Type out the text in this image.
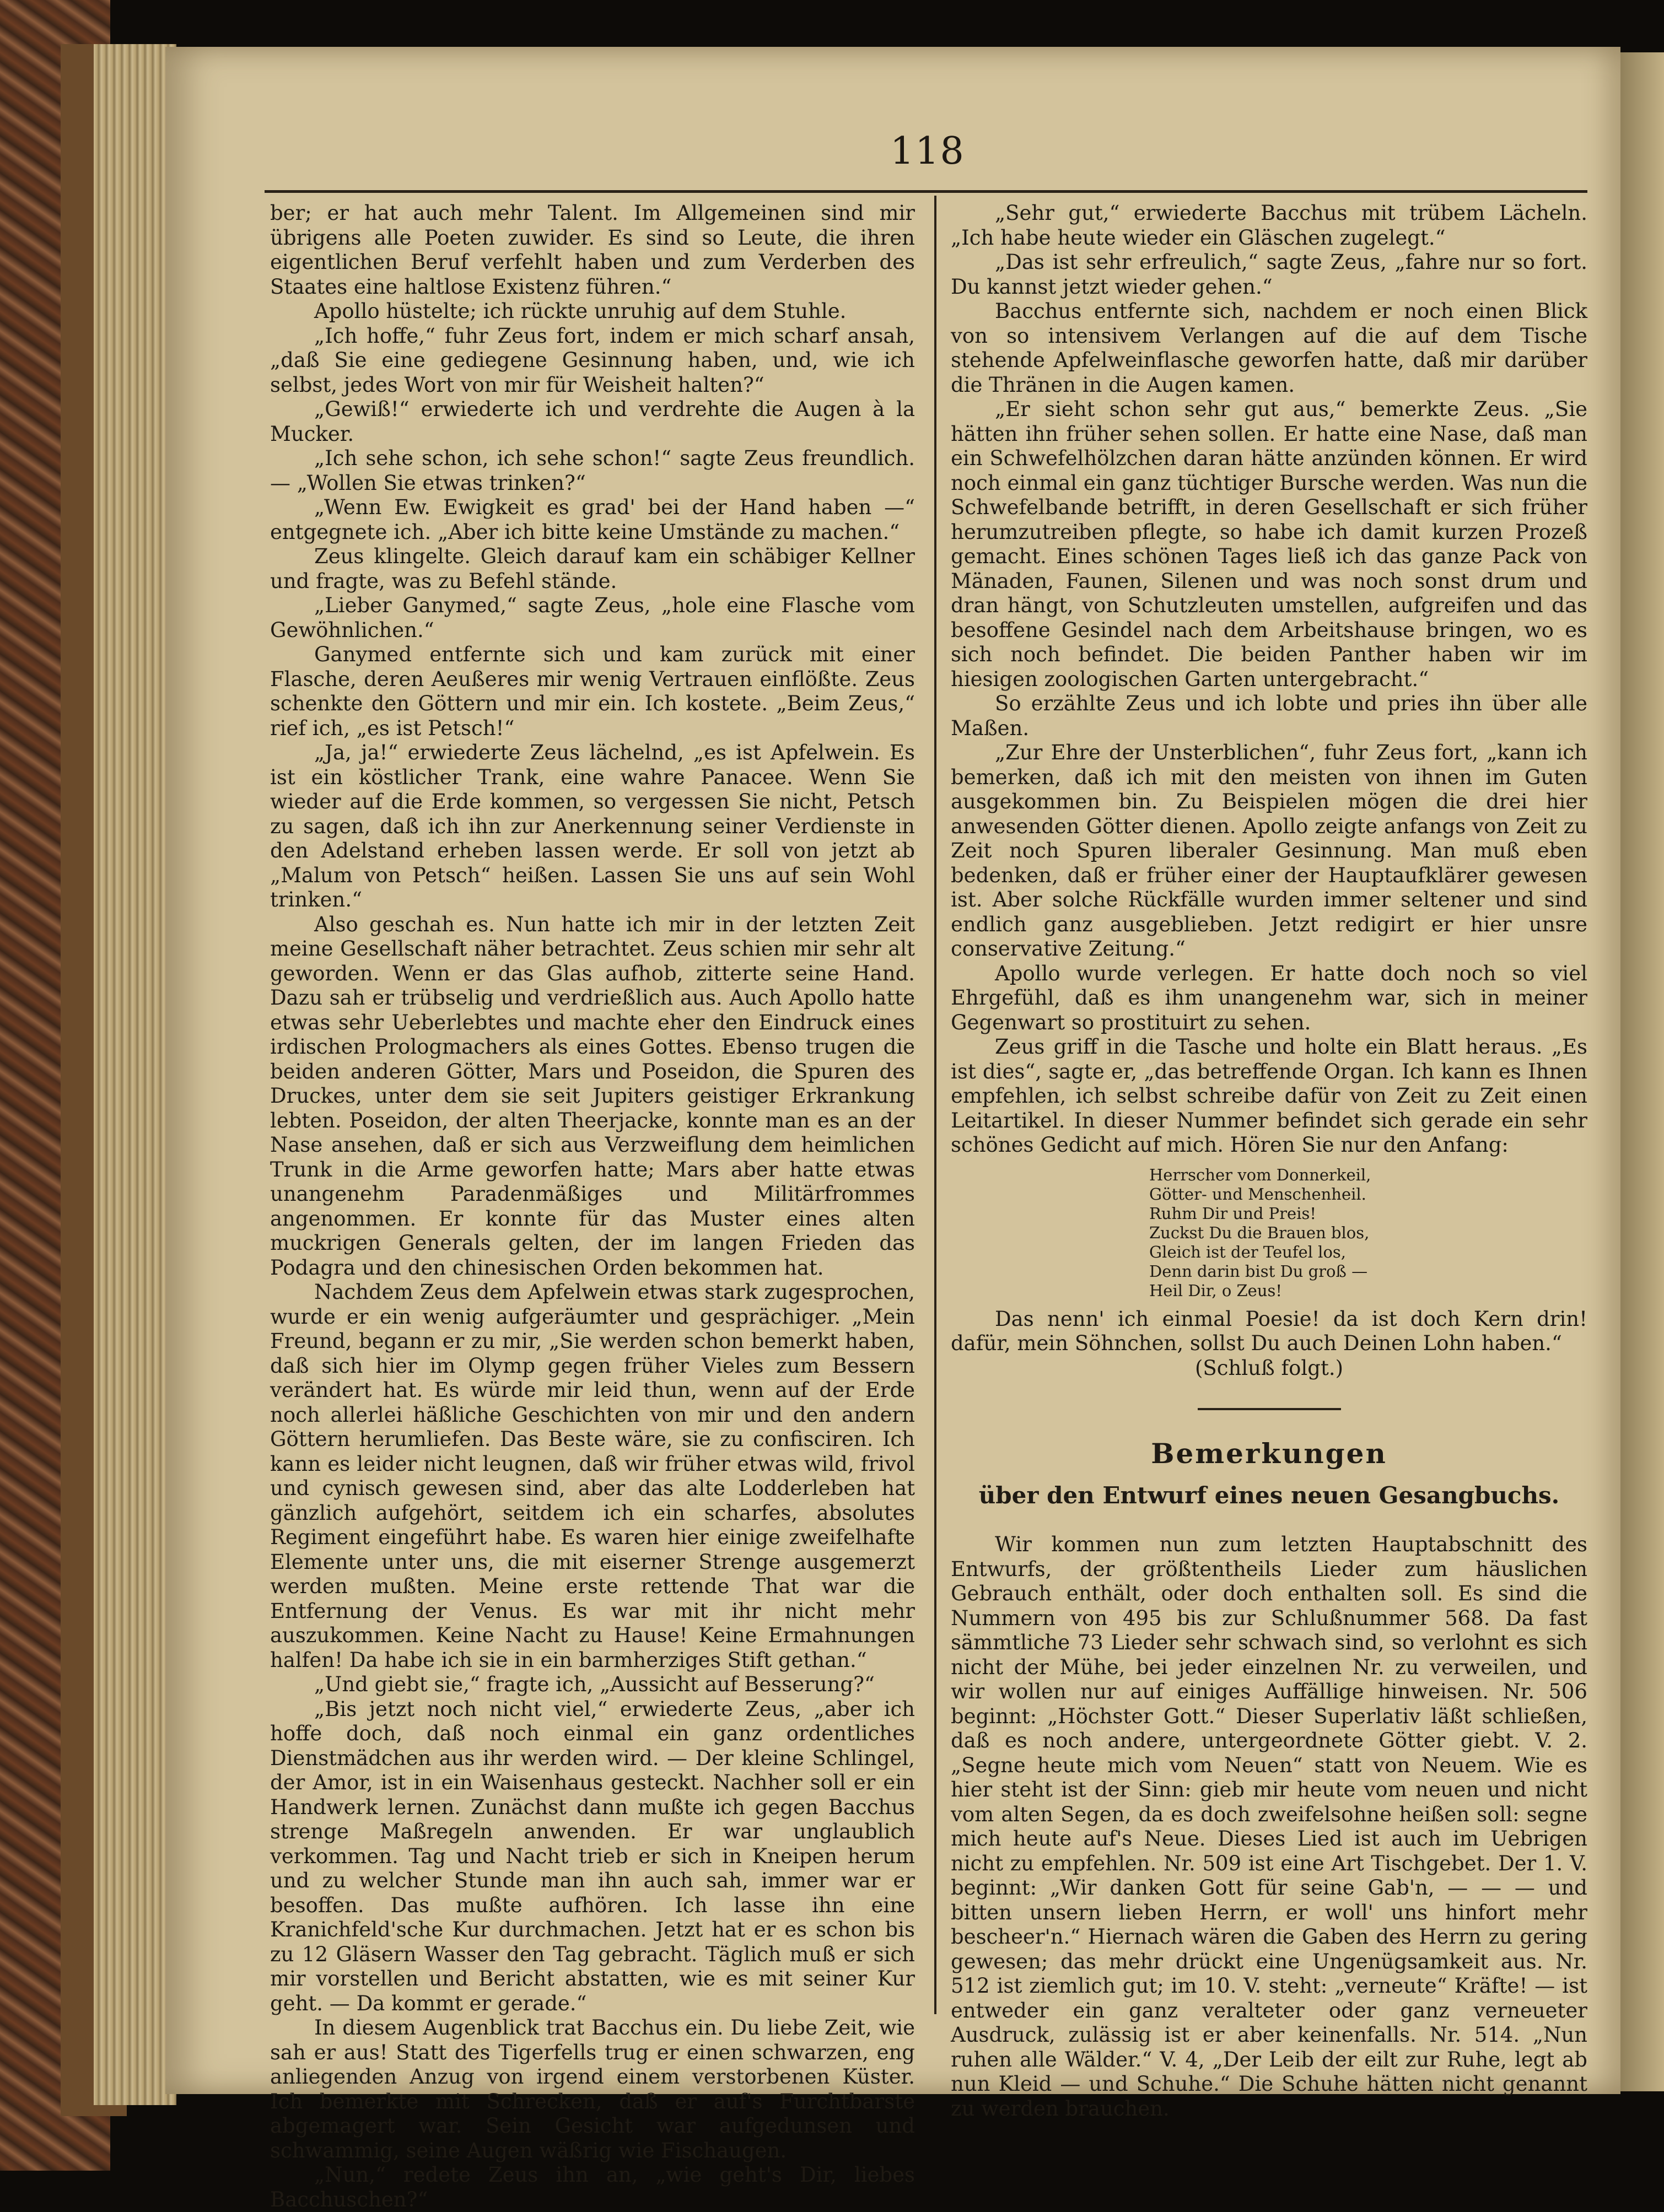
118

ber; er hat auch mehr Talent. Im Allgemeinen sind mir übrigens alle Poeten zuwider. Es sind so Leute, die ihren eigentlichen Beruf verfehlt haben und zum Verderben des Staates eine haltlose Existenz führen.“

Apollo hüstelte; ich rückte unruhig auf dem Stuhle.

„Ich hoffe,“ fuhr Zeus fort, indem er mich scharf ansah, „daß Sie eine gediegene Gesinnung haben, und, wie ich selbst, jedes Wort von mir für Weisheit halten?“

„Gewiß!“ erwiederte ich und verdrehte die Augen à la Mucker.

„Ich sehe schon, ich sehe schon!“ sagte Zeus freundlich. — „Wollen Sie etwas trinken?“

„Wenn Ew. Ewigkeit es grad' bei der Hand haben —“ entgegnete ich. „Aber ich bitte keine Umstände zu machen.“

Zeus klingelte. Gleich darauf kam ein schäbiger Kellner und fragte, was zu Befehl stände.

„Lieber Ganymed,“ sagte Zeus, „hole eine Flasche vom Gewöhnlichen.“

Ganymed entfernte sich und kam zurück mit einer Flasche, deren Aeußeres mir wenig Vertrauen einflößte. Zeus schenkte den Göttern und mir ein. Ich kostete. „Beim Zeus,“ rief ich, „es ist Petsch!“

„Ja, ja!“ erwiederte Zeus lächelnd, „es ist Apfelwein. Es ist ein köstlicher Trank, eine wahre Panacee. Wenn Sie wieder auf die Erde kommen, so vergessen Sie nicht, Petsch zu sagen, daß ich ihn zur Anerkennung seiner Verdienste in den Adelstand erheben lassen werde. Er soll von jetzt ab „Malum von Petsch“ heißen. Lassen Sie uns auf sein Wohl trinken.“

Also geschah es. Nun hatte ich mir in der letzten Zeit meine Gesellschaft näher betrachtet. Zeus schien mir sehr alt geworden. Wenn er das Glas aufhob, zitterte seine Hand. Dazu sah er trübselig und verdrießlich aus. Auch Apollo hatte etwas sehr Ueberlebtes und machte eher den Eindruck eines irdischen Prologmachers als eines Gottes. Ebenso trugen die beiden anderen Götter, Mars und Poseidon, die Spuren des Druckes, unter dem sie seit Jupiters geistiger Erkrankung lebten. Poseidon, der alten Theerjacke, konnte man es an der Nase ansehen, daß er sich aus Verzweiflung dem heimlichen Trunk in die Arme geworfen hatte; Mars aber hatte etwas unangenehm Paradenmäßiges und Militärfrommes angenommen. Er konnte für das Muster eines alten muckrigen Generals gelten, der im langen Frieden das Podagra und den chinesischen Orden bekommen hat.

Nachdem Zeus dem Apfelwein etwas stark zugesprochen, wurde er ein wenig aufgeräumter und gesprächiger. „Mein Freund, begann er zu mir, „Sie werden schon bemerkt haben, daß sich hier im Olymp gegen früher Vieles zum Bessern verändert hat. Es würde mir leid thun, wenn auf der Erde noch allerlei häßliche Geschichten von mir und den andern Göttern herumliefen. Das Beste wäre, sie zu confisciren. Ich kann es leider nicht leugnen, daß wir früher etwas wild, frivol und cynisch gewesen sind, aber das alte Lodderleben hat gänzlich aufgehört, seitdem ich ein scharfes, absolutes Regiment eingeführt habe. Es waren hier einige zweifelhafte Elemente unter uns, die mit eiserner Strenge ausgemerzt werden mußten. Meine erste rettende That war die Entfernung der Venus. Es war mit ihr nicht mehr auszukommen. Keine Nacht zu Hause! Keine Ermahnungen halfen! Da habe ich sie in ein barmherziges Stift gethan.“

„Und giebt sie,“ fragte ich, „Aussicht auf Besserung?“

„Bis jetzt noch nicht viel,“ erwiederte Zeus, „aber ich hoffe doch, daß noch einmal ein ganz ordentliches Dienstmädchen aus ihr werden wird. — Der kleine Schlingel, der Amor, ist in ein Waisenhaus gesteckt. Nachher soll er ein Handwerk lernen. Zunächst dann mußte ich gegen Bacchus strenge Maßregeln anwenden. Er war unglaublich verkommen. Tag und Nacht trieb er sich in Kneipen herum und zu welcher Stunde man ihn auch sah, immer war er besoffen. Das mußte aufhören. Ich lasse ihn eine Kranichfeld'sche Kur durchmachen. Jetzt hat er es schon bis zu 12 Gläsern Wasser den Tag gebracht. Täglich muß er sich mir vorstellen und Bericht abstatten, wie es mit seiner Kur geht. — Da kommt er gerade.“

In diesem Augenblick trat Bacchus ein. Du liebe Zeit, wie sah er aus! Statt des Tigerfells trug er einen schwarzen, eng anliegenden Anzug von irgend einem verstorbenen Küster. Ich bemerkte mit Schrecken, daß er auf's Furchtbarste abgemagert war. Sein Gesicht war aufgedunsen und schwammig, seine Augen wäßrig wie Fischaugen.

„Nun,“ redete Zeus ihn an, „wie geht's Dir, liebes Bacchuschen?“

„Sehr gut,“ erwiederte Bacchus mit trübem Lächeln. „Ich habe heute wieder ein Gläschen zugelegt.“

„Das ist sehr erfreulich,“ sagte Zeus, „fahre nur so fort. Du kannst jetzt wieder gehen.“

Bacchus entfernte sich, nachdem er noch einen Blick von so intensivem Verlangen auf die auf dem Tische stehende Apfelweinflasche geworfen hatte, daß mir darüber die Thränen in die Augen kamen.

„Er sieht schon sehr gut aus,“ bemerkte Zeus. „Sie hätten ihn früher sehen sollen. Er hatte eine Nase, daß man ein Schwefelhölzchen daran hätte anzünden können. Er wird noch einmal ein ganz tüchtiger Bursche werden. Was nun die Schwefelbande betrifft, in deren Gesellschaft er sich früher herumzutreiben pflegte, so habe ich damit kurzen Prozeß gemacht. Eines schönen Tages ließ ich das ganze Pack von Mänaden, Faunen, Silenen und was noch sonst drum und dran hängt, von Schutzleuten umstellen, aufgreifen und das besoffene Gesindel nach dem Arbeitshause bringen, wo es sich noch befindet. Die beiden Panther haben wir im hiesigen zoologischen Garten untergebracht.“

So erzählte Zeus und ich lobte und pries ihn über alle Maßen.

„Zur Ehre der Unsterblichen“, fuhr Zeus fort, „kann ich bemerken, daß ich mit den meisten von ihnen im Guten ausgekommen bin. Zu Beispielen mögen die drei hier anwesenden Götter dienen. Apollo zeigte anfangs von Zeit zu Zeit noch Spuren liberaler Gesinnung. Man muß eben bedenken, daß er früher einer der Hauptaufklärer gewesen ist. Aber solche Rückfälle wurden immer seltener und sind endlich ganz ausgeblieben. Jetzt redigirt er hier unsre conservative Zeitung.“

Apollo wurde verlegen. Er hatte doch noch so viel Ehrgefühl, daß es ihm unangenehm war, sich in meiner Gegenwart so prostituirt zu sehen.

Zeus griff in die Tasche und holte ein Blatt heraus. „Es ist dies“, sagte er, „das betreffende Organ. Ich kann es Ihnen empfehlen, ich selbst schreibe dafür von Zeit zu Zeit einen Leitartikel. In dieser Nummer befindet sich gerade ein sehr schönes Gedicht auf mich. Hören Sie nur den Anfang:

Herrscher vom Donnerkeil,
Götter- und Menschenheil.
Ruhm Dir und Preis!
Zuckst Du die Brauen blos,
Gleich ist der Teufel los,
Denn darin bist Du groß —
Heil Dir, o Zeus!

Das nenn' ich einmal Poesie! da ist doch Kern drin! dafür, mein Söhnchen, sollst Du auch Deinen Lohn haben.“

(Schluß folgt.)

Bemerkungen
über den Entwurf eines neuen Gesangbuchs.

Wir kommen nun zum letzten Hauptabschnitt des Entwurfs, der größtentheils Lieder zum häuslichen Gebrauch enthält, oder doch enthalten soll. Es sind die Nummern von 495 bis zur Schlußnummer 568. Da fast sämmtliche 73 Lieder sehr schwach sind, so verlohnt es sich nicht der Mühe, bei jeder einzelnen Nr. zu verweilen, und wir wollen nur auf einiges Auffällige hinweisen. Nr. 506 beginnt: „Höchster Gott.“ Dieser Superlativ läßt schließen, daß es noch andere, untergeordnete Götter giebt. V. 2. „Segne heute mich vom Neuen“ statt von Neuem. Wie es hier steht ist der Sinn: gieb mir heute vom neuen und nicht vom alten Segen, da es doch zweifelsohne heißen soll: segne mich heute auf's Neue. Dieses Lied ist auch im Uebrigen nicht zu empfehlen. Nr. 509 ist eine Art Tischgebet. Der 1. V. beginnt: „Wir danken Gott für seine Gab'n, — — — und bitten unsern lieben Herrn, er woll' uns hinfort mehr bescheer'n.“ Hiernach wären die Gaben des Herrn zu gering gewesen; das mehr drückt eine Ungenügsamkeit aus. Nr. 512 ist ziemlich gut; im 10. V. steht: „verneute“ Kräfte! — ist entweder ein ganz veralteter oder ganz verneueter Ausdruck, zulässig ist er aber keinenfalls. Nr. 514. „Nun ruhen alle Wälder.“ V. 4, „Der Leib der eilt zur Ruhe, legt ab nun Kleid — und Schuhe.“ Die Schuhe hätten nicht genannt zu werden brauchen.
